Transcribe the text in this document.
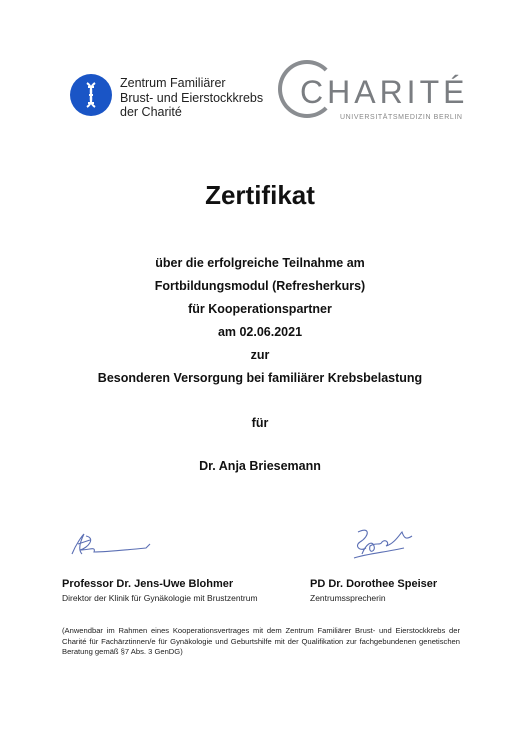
Zentrum Familiärer
Brust- und Eierstockkrebs
der Charité
CHARITÉ
UNIVERSITÄTSMEDIZIN BERLIN
Zertifikat
über die erfolgreiche Teilnahme am
Fortbildungsmodul (Refresherkurs)
für Kooperationspartner
am 02.06.2021
zur
Besonderen Versorgung bei familiärer Krebsbelastung
für
Dr. Anja Briesemann
Professor Dr. Jens-Uwe Blohmer
Direktor der Klinik für Gynäkologie mit Brustzentrum
PD Dr. Dorothee Speiser
Zentrumssprecherin
(Anwendbar im Rahmen eines Kooperationsvertrages mit dem Zentrum Familiärer Brust- und Eierstockkrebs der Charité für Fachärztinnen/e für Gynäkologie und Geburtshilfe mit der Qualifikation zur fachgebundenen genetischen Beratung gemäß §7 Abs. 3 GenDG)
